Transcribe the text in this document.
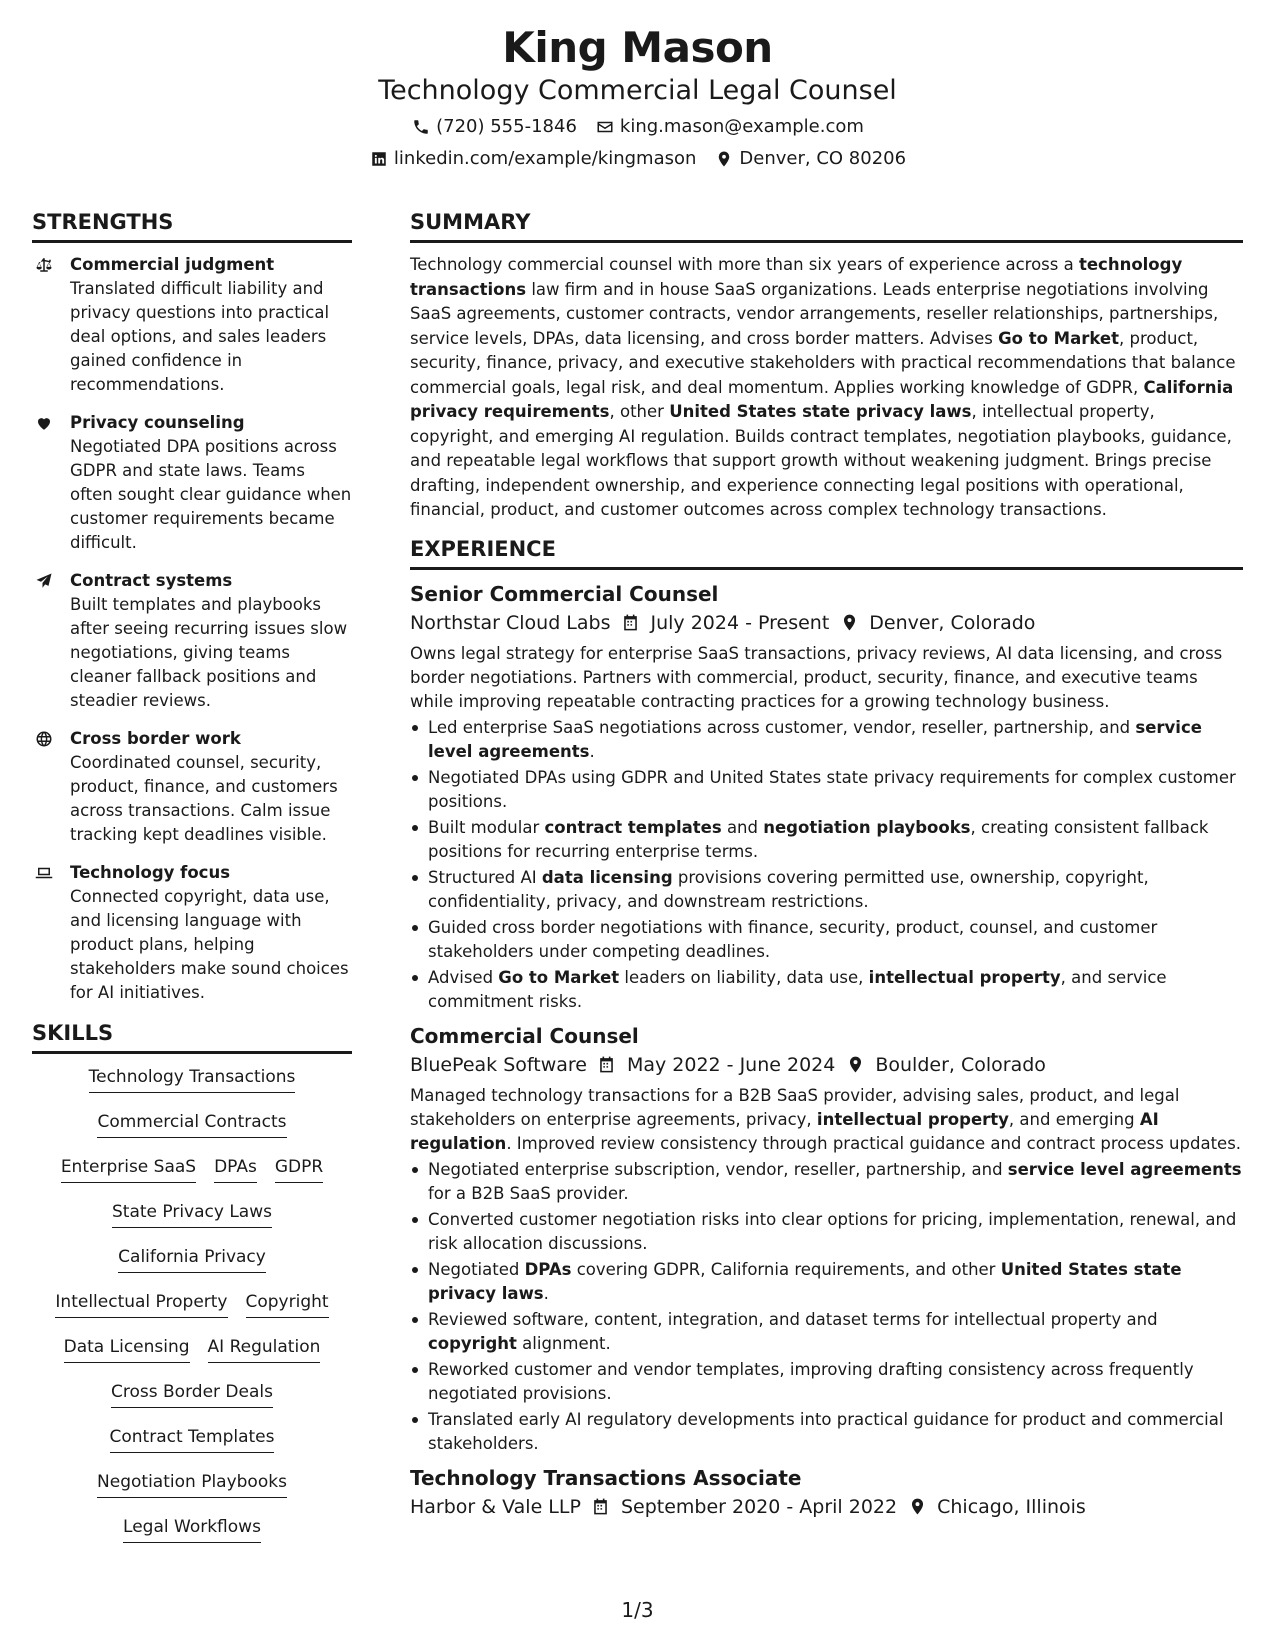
King Mason
Technology Commercial Legal Counsel
(720) 555-1846 king.mason@example.com
linkedin.com/example/kingmason Denver, CO 80206
STRENGTHS
Commercial judgment
Translated difficult liability and privacy questions into practical deal options, and sales leaders gained confidence in recommendations.
Privacy counseling
Negotiated DPA positions across GDPR and state laws. Teams often sought clear guidance when customer requirements became difficult.
Contract systems
Built templates and playbooks after seeing recurring issues slow negotiations, giving teams cleaner fallback positions and steadier reviews.
Cross border work
Coordinated counsel, security, product, finance, and customers across transactions. Calm issue tracking kept deadlines visible.
Technology focus
Connected copyright, data use, and licensing language with product plans, helping stakeholders make sound choices for AI initiatives.
SKILLS
Technology Transactions
Commercial Contracts
Enterprise SaaS DPAs GDPR
State Privacy Laws
California Privacy
Intellectual Property Copyright
Data Licensing AI Regulation
Cross Border Deals
Contract Templates
Negotiation Playbooks
Legal Workflows
SUMMARY
Technology commercial counsel with more than six years of experience across a technology transactions law firm and in house SaaS organizations. Leads enterprise negotiations involving SaaS agreements, customer contracts, vendor arrangements, reseller relationships, partnerships, service levels, DPAs, data licensing, and cross border matters. Advises Go to Market, product, security, finance, privacy, and executive stakeholders with practical recommendations that balance commercial goals, legal risk, and deal momentum. Applies working knowledge of GDPR, California privacy requirements, other United States state privacy laws, intellectual property, copyright, and emerging AI regulation. Builds contract templates, negotiation playbooks, guidance, and repeatable legal workflows that support growth without weakening judgment. Brings precise drafting, independent ownership, and experience connecting legal positions with operational, financial, product, and customer outcomes across complex technology transactions.
EXPERIENCE
Senior Commercial Counsel
Northstar Cloud Labs July 2024 - Present Denver, Colorado
Owns legal strategy for enterprise SaaS transactions, privacy reviews, AI data licensing, and cross border negotiations. Partners with commercial, product, security, finance, and executive teams while improving repeatable contracting practices for a growing technology business.
Led enterprise SaaS negotiations across customer, vendor, reseller, partnership, and service level agreements.
Negotiated DPAs using GDPR and United States state privacy requirements for complex customer positions.
Built modular contract templates and negotiation playbooks, creating consistent fallback positions for recurring enterprise terms.
Structured AI data licensing provisions covering permitted use, ownership, copyright, confidentiality, privacy, and downstream restrictions.
Guided cross border negotiations with finance, security, product, counsel, and customer stakeholders under competing deadlines.
Advised Go to Market leaders on liability, data use, intellectual property, and service commitment risks.
Commercial Counsel
BluePeak Software May 2022 - June 2024 Boulder, Colorado
Managed technology transactions for a B2B SaaS provider, advising sales, product, and legal stakeholders on enterprise agreements, privacy, intellectual property, and emerging AI regulation. Improved review consistency through practical guidance and contract process updates.
Negotiated enterprise subscription, vendor, reseller, partnership, and service level agreements for a B2B SaaS provider.
Converted customer negotiation risks into clear options for pricing, implementation, renewal, and risk allocation discussions.
Negotiated DPAs covering GDPR, California requirements, and other United States state privacy laws.
Reviewed software, content, integration, and dataset terms for intellectual property and copyright alignment.
Reworked customer and vendor templates, improving drafting consistency across frequently negotiated provisions.
Translated early AI regulatory developments into practical guidance for product and commercial stakeholders.
Technology Transactions Associate
Harbor & Vale LLP September 2020 - April 2022 Chicago, Illinois
1/3
